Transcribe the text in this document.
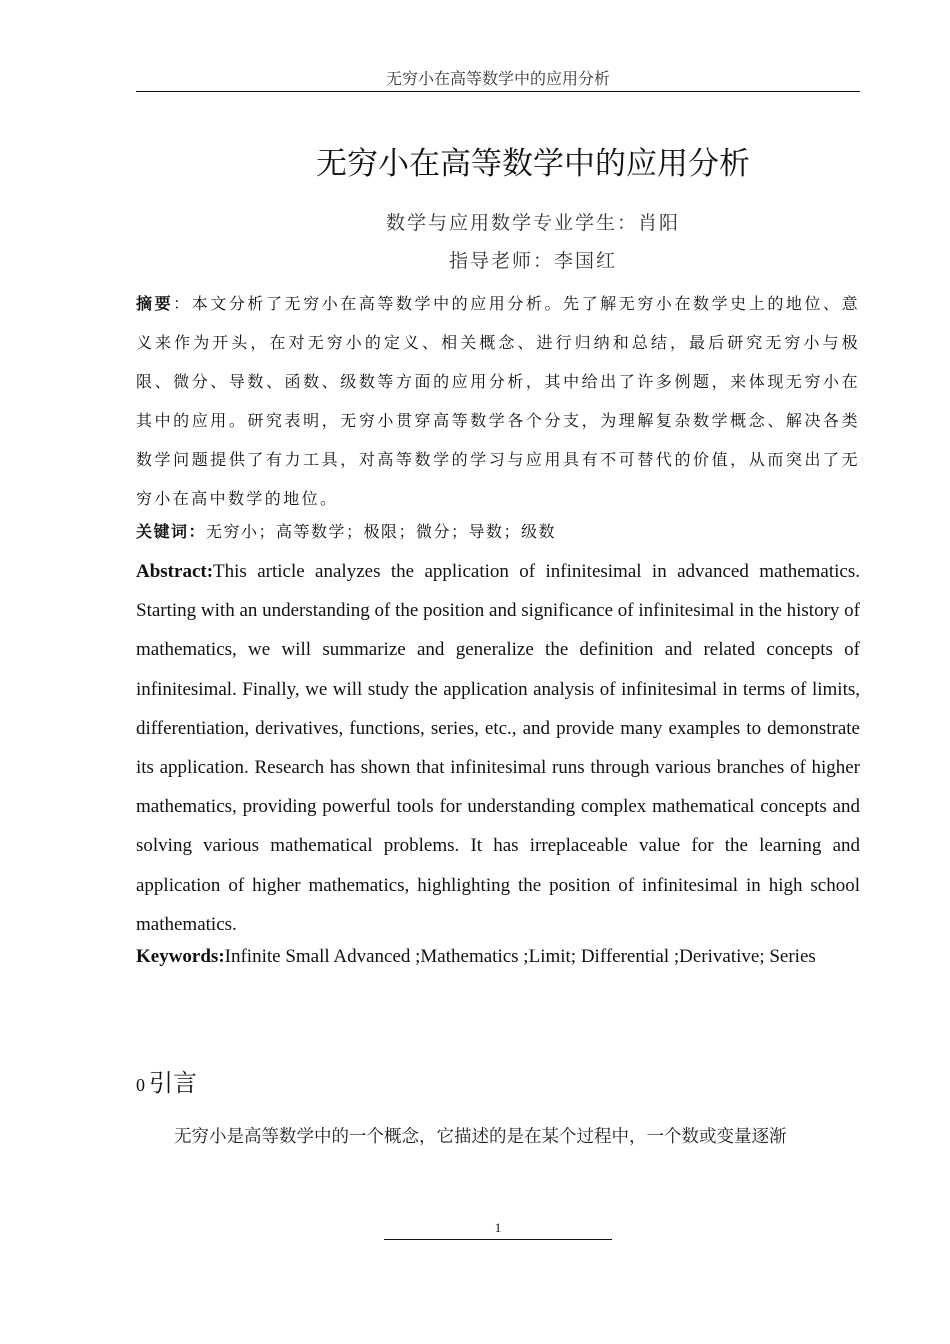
无穷小在高等数学中的应用分析
无穷小在高等数学中的应用分析
数学与应用数学专业学生：肖阳
指导老师：李国红

摘要：本文分析了无穷小在高等数学中的应用分析。先了解无穷小在数学史上的地位、意义来作为开头，在对无穷小的定义、相关概念、进行归纳和总结，最后研究无穷小与极限、微分、导数、函数、级数等方面的应用分析，其中给出了许多例题，来体现无穷小在其中的应用。研究表明，无穷小贯穿高等数学各个分支，为理解复杂数学概念、解决各类数学问题提供了有力工具，对高等数学的学习与应用具有不可替代的价值，从而突出了无穷小在高中数学的地位。

关键词：无穷小；高等数学；极限；微分；导数；级数

Abstract:This article analyzes the application of infinitesimal in advanced mathematics. Starting with an understanding of the position and significance of infinitesimal in the history of mathematics, we will summarize and generalize the definition and related concepts of infinitesimal. Finally, we will study the application analysis of infinitesimal in terms of limits, differentiation, derivatives, functions, series, etc., and provide many examples to demonstrate its application. Research has shown that infinitesimal runs through various branches of higher mathematics, providing powerful tools for understanding complex mathematical concepts and solving various mathematical problems. It has irreplaceable value for the learning and application of higher mathematics, highlighting the position of infinitesimal in high school mathematics.

Keywords:Infinite Small Advanced ;Mathematics ;Limit; Differential ;Derivative; Series

0 引言

无穷小是高等数学中的一个概念，它描述的是在某个过程中，一个数或变量逐渐

1
